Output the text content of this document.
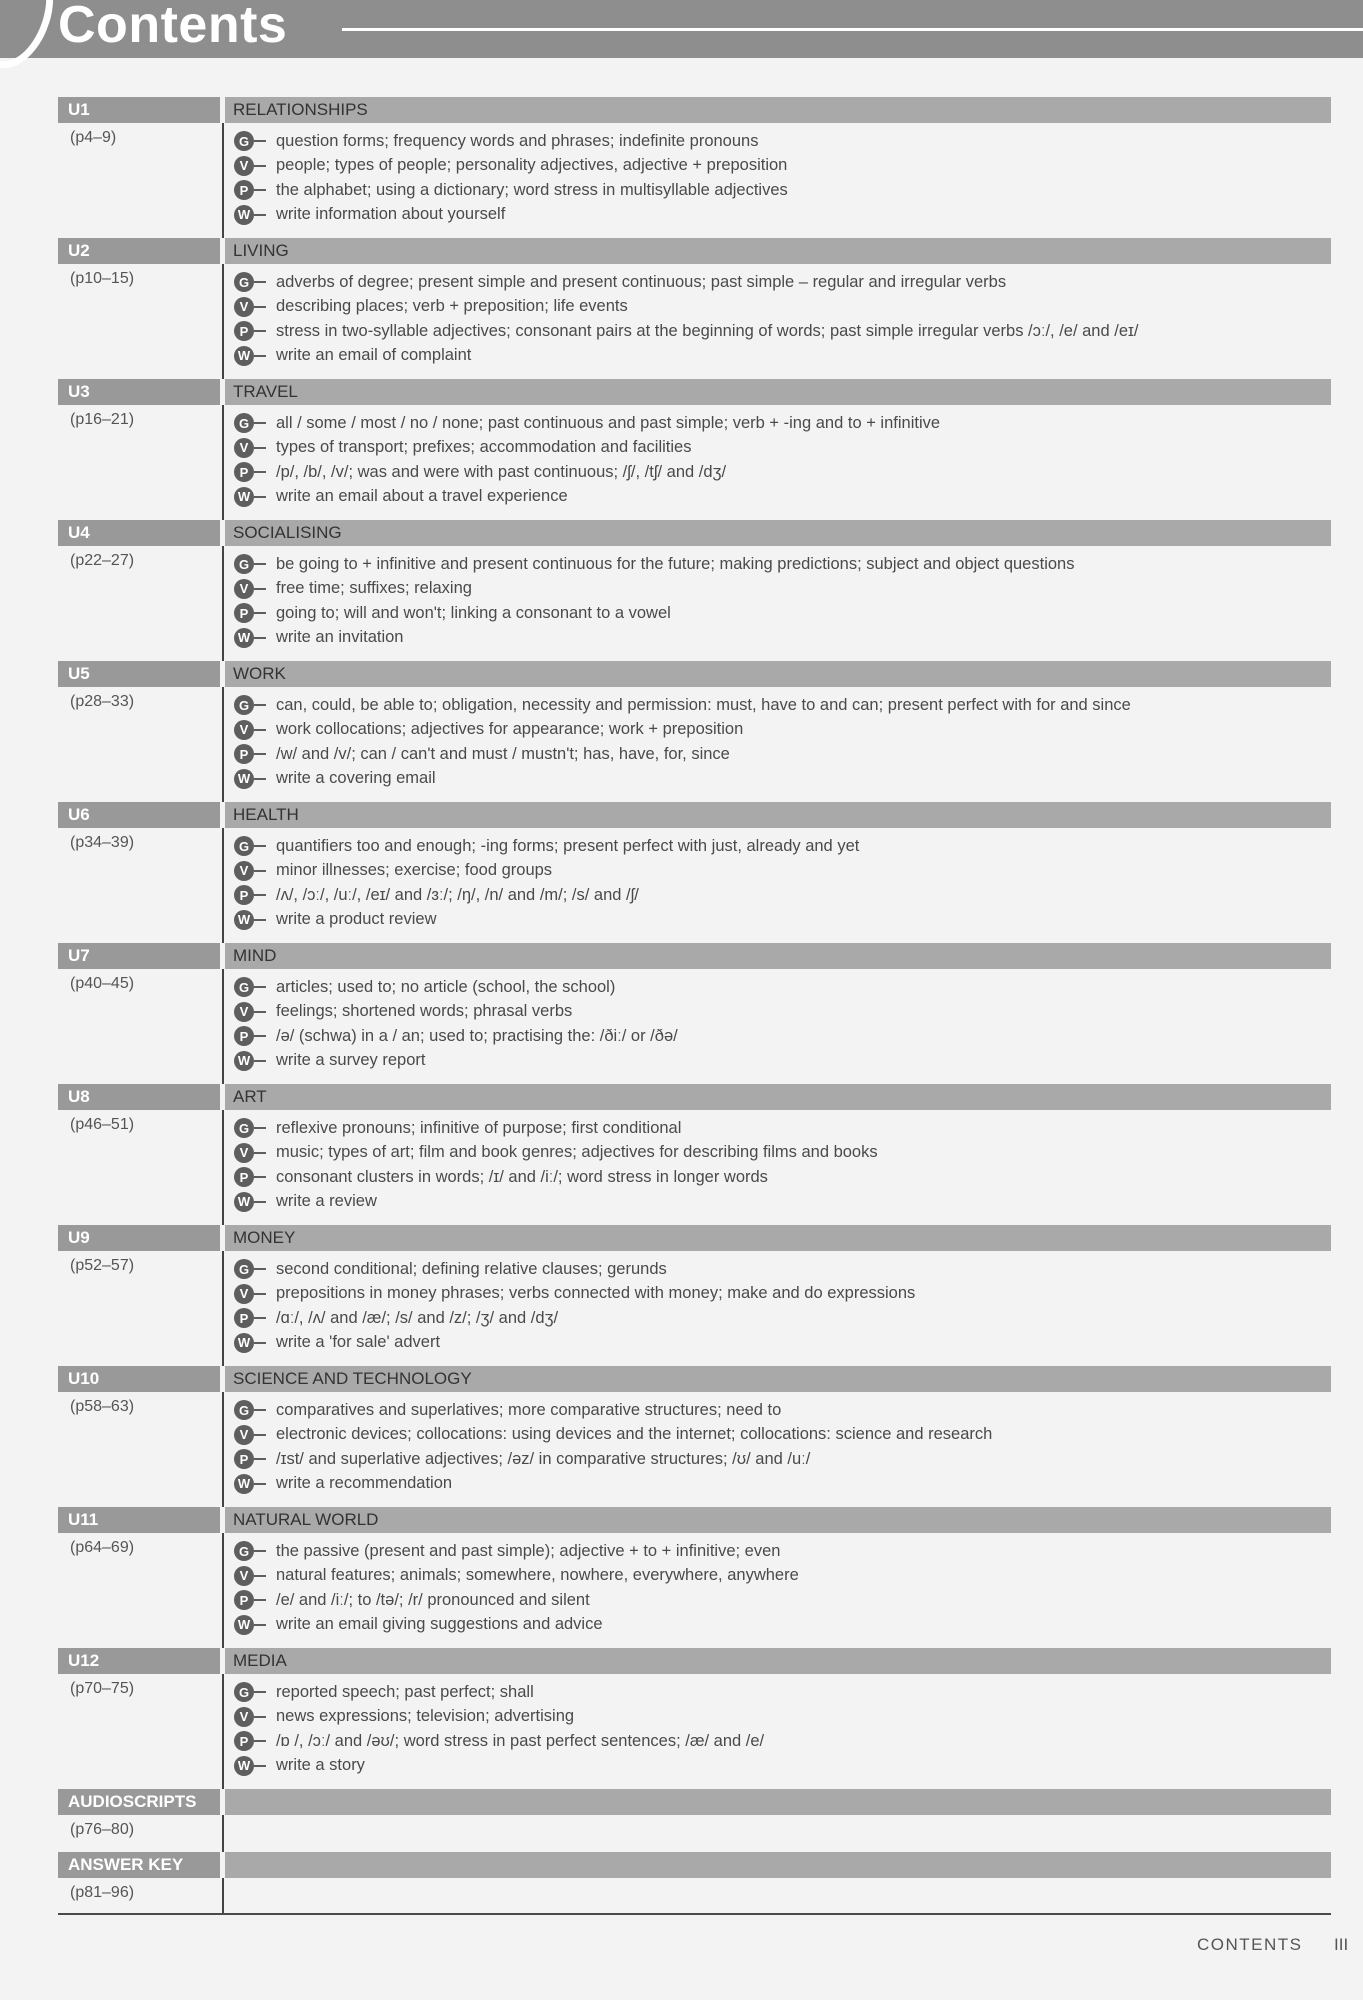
Contents
U1	RELATIONSHIPS
(p4–9)	G question forms; frequency words and phrases; indefinite pronouns
V	people; types of people; personality adjectives, adjective + preposition
P	the alphabet; using a dictionary; word stress in multisyllable adjectives
W write information about yourself
U2	LIVING
(p10–15)	G adverbs of degree; present simple and present continuous; past simple – regular and irregular verbs
V	describing places; verb + preposition; life events
P	stress in two-syllable adjectives; consonant pairs at the beginning of words; past simple irregular verbs /ɔː/, /e/ and /eɪ/
W write an email of complaint
U3	TRAVEL
(p16–21)	G all / some / most / no / none; past continuous and past simple; verb + -ing and to + infinitive
V	types of transport; prefixes; accommodation and facilities
P	/p/, /b/, /v/; was and were with past continuous; /ʃ/, /tʃ/ and /dʒ/
W write an email about a travel experience
U4	SOCIALISING
(p22–27)	G be going to + infinitive and present continuous for the future; making predictions; subject and object questions
V	free time; suffixes; relaxing
P	going to; will and won't; linking a consonant to a vowel
W write an invitation
U5	WORK
(p28–33)	G can, could, be able to; obligation, necessity and permission: must, have to and can; present perfect with for and since
V	work collocations; adjectives for appearance; work + preposition
P	/w/ and /v/; can / can't and must / mustn't; has, have, for, since
W write a covering email
U6	HEALTH
(p34–39)	G quantifiers too and enough; -ing forms; present perfect with just, already and yet
V	minor illnesses; exercise; food groups
P	/ʌ/, /ɔː/, /uː/, /eɪ/ and /ɜː/; /ŋ/, /n/ and /m/; /s/ and /ʃ/
W write a product review
U7	MIND
(p40–45)	G articles; used to; no article (school, the school)
V	feelings; shortened words; phrasal verbs
P	/ə/ (schwa) in a / an; used to; practising the: /ðiː/ or /ðə/
W write a survey report
U8	ART
(p46–51)	G reflexive pronouns; infinitive of purpose; first conditional
V	music; types of art; film and book genres; adjectives for describing films and books
P	consonant clusters in words; /ɪ/ and /iː/; word stress in longer words
W write a review
U9	MONEY
(p52–57)	G second conditional; defining relative clauses; gerunds
V	prepositions in money phrases; verbs connected with money; make and do expressions
P	/ɑː/, /ʌ/ and /æ/; /s/ and /z/; /ʒ/ and /dʒ/
W write a 'for sale' advert
U10	SCIENCE AND TECHNOLOGY
(p58–63)	G comparatives and superlatives; more comparative structures; need to
V	electronic devices; collocations: using devices and the internet; collocations: science and research
P	/ɪst/ and superlative adjectives; /əz/ in comparative structures; /ʊ/ and /uː/
W write a recommendation
U11	NATURAL WORLD
(p64–69)	G the passive (present and past simple); adjective + to + infinitive; even
V	natural features; animals; somewhere, nowhere, everywhere, anywhere
P	/e/ and /iː/; to /tə/; /r/ pronounced and silent
W write an email giving suggestions and advice
U12	MEDIA
(p70–75)	G reported speech; past perfect; shall
V	news expressions; television; advertising
P	/ɒ /, /ɔː/ and /əʊ/; word stress in past perfect sentences; /æ/ and /e/
W write a story
AUDIOSCRIPTS
(p76–80)
ANSWER KEY
(p81–96)
CONTENTS III
